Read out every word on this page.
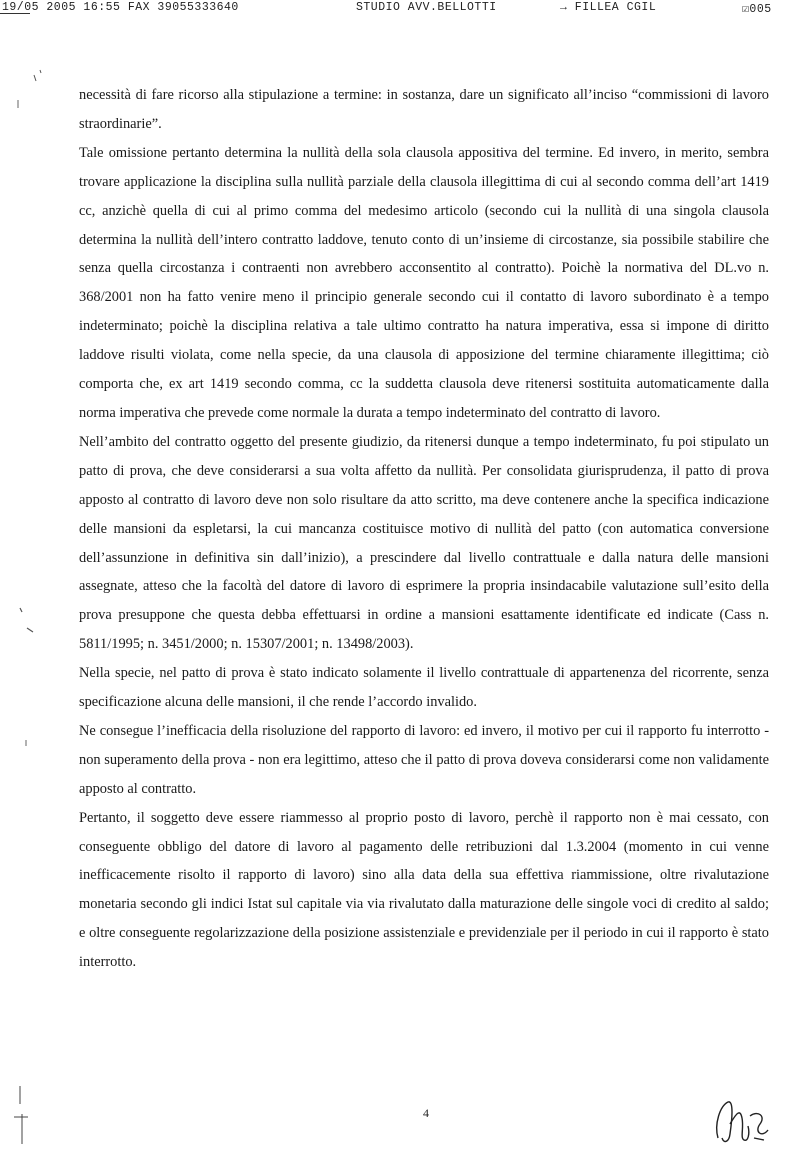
19/05 2005 16:55 FAX 39055333640	STUDIO AVV.BELLOTTI	→ FILLEA CGIL	☑005

necessità di fare ricorso alla stipulazione a termine: in sostanza, dare un significato all’inciso “commissioni di lavoro straordinarie”.

Tale omissione pertanto determina la nullità della sola clausola appositiva del termine. Ed invero, in merito, sembra trovare applicazione la disciplina sulla nullità parziale della clausola illegittima di cui al secondo comma dell’art 1419 cc, anzichè quella di cui al primo comma del medesimo articolo (secondo cui la nullità di una singola clausola determina la nullità dell’intero contratto laddove, tenuto conto di un’insieme di circostanze, sia possibile stabilire che senza quella circostanza i contraenti non avrebbero acconsentito al contratto). Poichè la normativa del DL.vo n. 368/2001 non ha fatto venire meno il principio generale secondo cui il contatto di lavoro subordinato è a tempo indeterminato; poichè la disciplina relativa a tale ultimo contratto ha natura imperativa, essa si impone di diritto laddove risulti violata, come nella specie, da una clausola di apposizione del termine chiaramente illegittima; ciò comporta che, ex art 1419 secondo comma, cc la suddetta clausola deve ritenersi sostituita automaticamente dalla norma imperativa che prevede come normale la durata a tempo indeterminato del contratto di lavoro.

Nell’ambito del contratto oggetto del presente giudizio, da ritenersi dunque a tempo indeterminato, fu poi stipulato un patto di prova, che deve considerarsi a sua volta affetto da nullità. Per consolidata giurisprudenza, il patto di prova apposto al contratto di lavoro deve non solo risultare da atto scritto, ma deve contenere anche la specifica indicazione delle mansioni da espletarsi, la cui mancanza costituisce motivo di nullità del patto (con automatica conversione dell’assunzione in definitiva sin dall’inizio), a prescindere dal livello contrattuale e dalla natura delle mansioni assegnate, atteso che la facoltà del datore di lavoro di esprimere la propria insindacabile valutazione sull’esito della prova presuppone che questa debba effettuarsi in ordine a mansioni esattamente identificate ed indicate (Cass n. 5811/1995; n. 3451/2000; n. 15307/2001; n. 13498/2003).

Nella specie, nel patto di prova è stato indicato solamente il livello contrattuale di appartenenza del ricorrente, senza specificazione alcuna delle mansioni, il che rende l’accordo invalido.

Ne consegue l’inefficacia della risoluzione del rapporto di lavoro: ed invero, il motivo per cui il rapporto fu interrotto - non superamento della prova - non era legittimo, atteso che il patto di prova doveva considerarsi come non validamente apposto al contratto.

Pertanto, il soggetto deve essere riammesso al proprio posto di lavoro, perchè il rapporto non è mai cessato, con conseguente obbligo del datore di lavoro al pagamento delle retribuzioni dal 1.3.2004 (momento in cui venne inefficacemente risolto il rapporto di lavoro) sino alla data della sua effettiva riammissione, oltre rivalutazione monetaria secondo gli indici Istat sul capitale via via rivalutato dalla maturazione delle singole voci di credito al saldo; e oltre conseguente regolarizzazione della posizione assistenziale e previdenziale per il periodo in cui il rapporto è stato interrotto.

4
